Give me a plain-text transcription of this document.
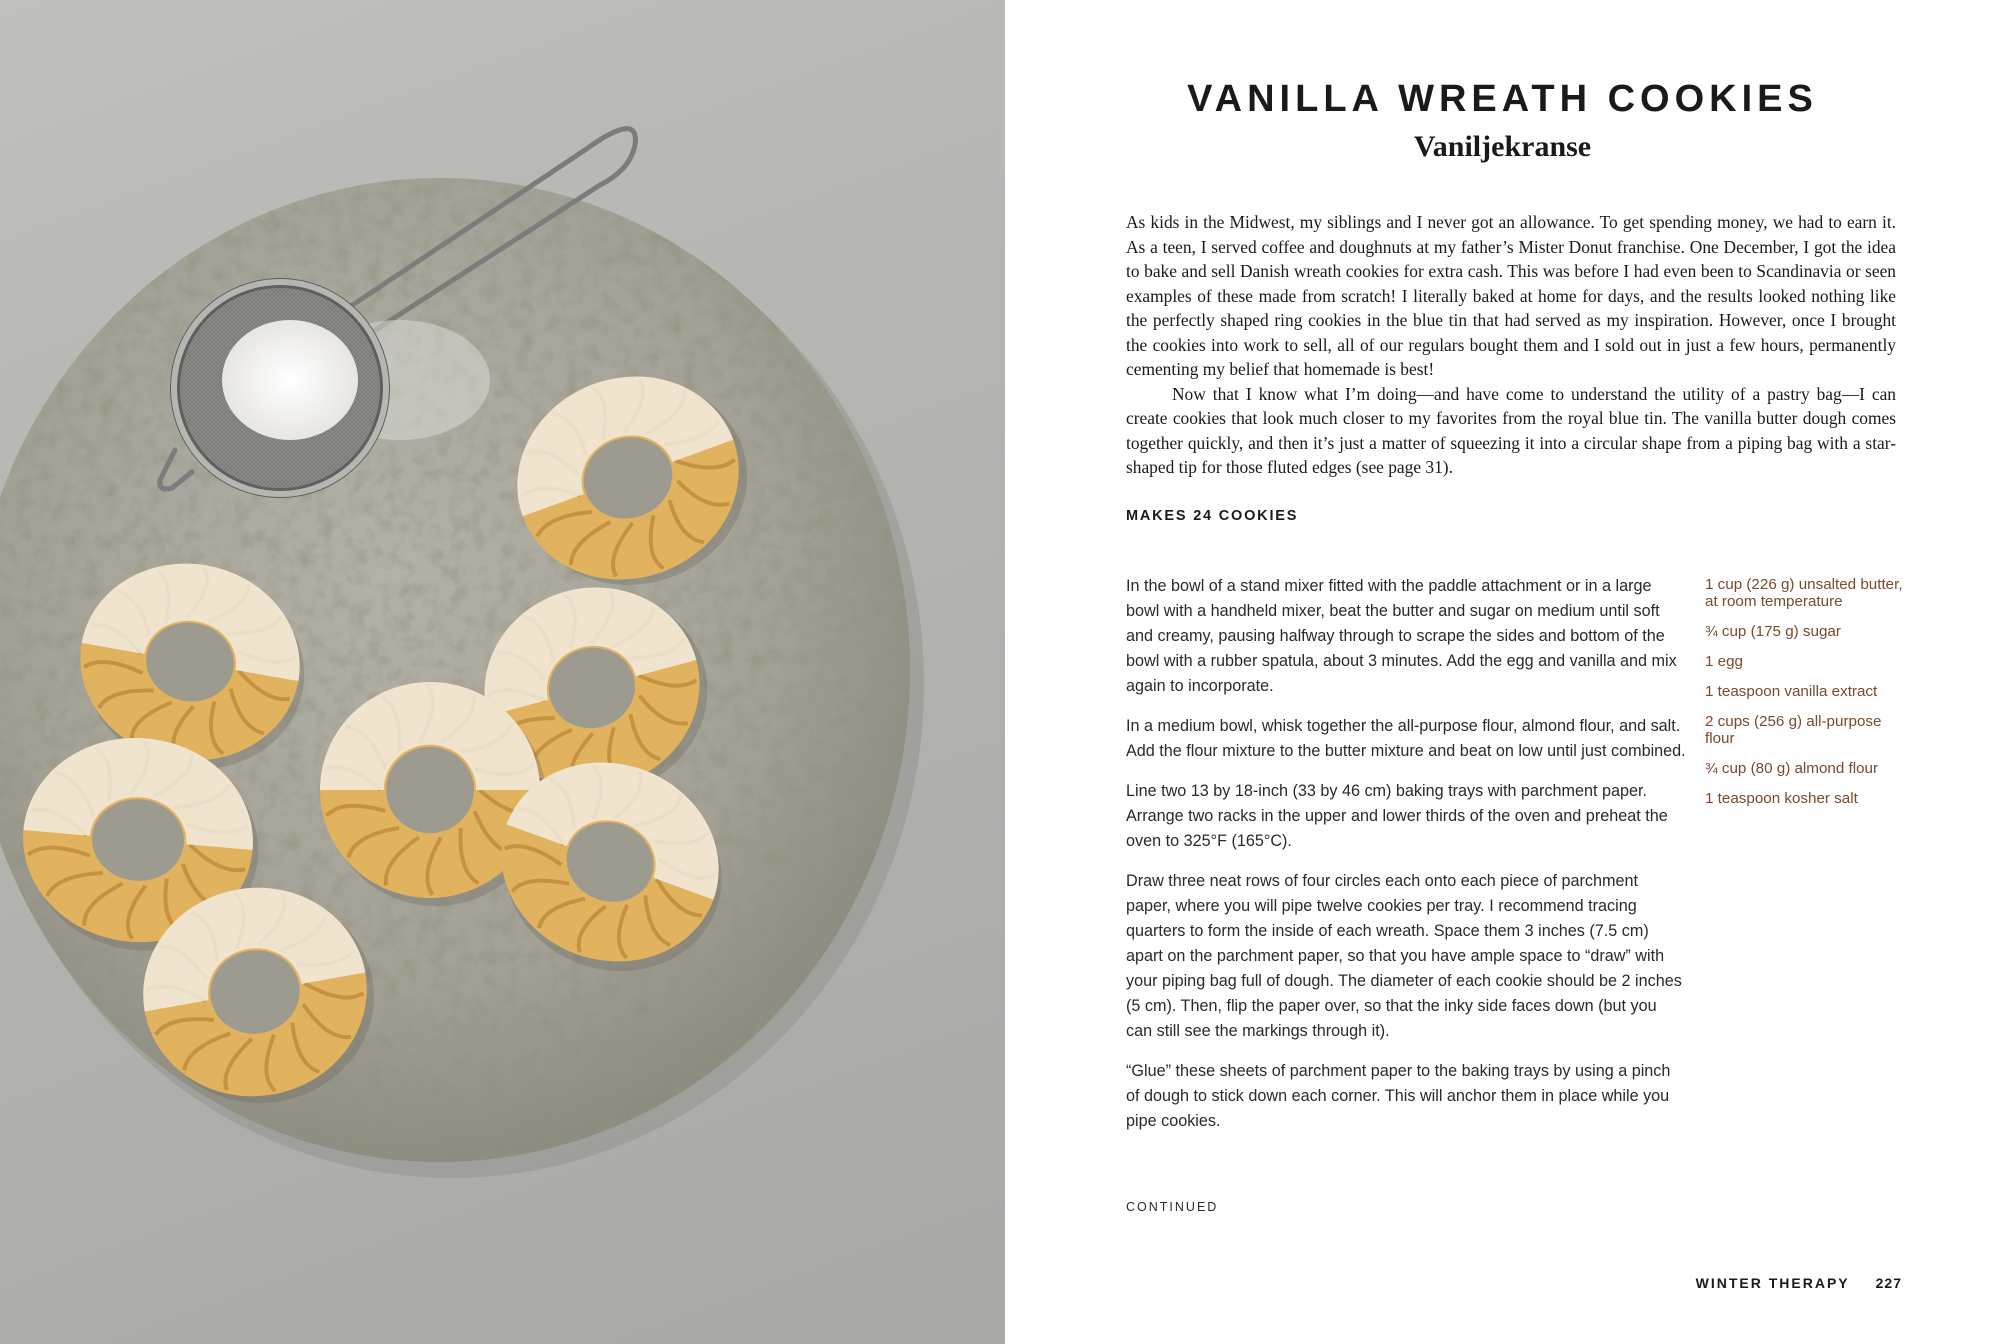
VANILLA WREATH COOKIES
Vaniljekranse

As kids in the Midwest, my siblings and I never got an allowance. To get spending money, we had to earn it. As a teen, I served coffee and doughnuts at my father’s Mister Donut franchise. One December, I got the idea to bake and sell Danish wreath cookies for extra cash. This was before I had even been to Scandinavia or seen examples of these made from scratch! I literally baked at home for days, and the results looked nothing like the perfectly shaped ring cookies in the blue tin that had served as my inspiration. However, once I brought the cookies into work to sell, all of our regulars bought them and I sold out in just a few hours, permanently cementing my belief that homemade is best!

Now that I know what I’m doing—and have come to understand the utility of a pastry bag—I can create cookies that look much closer to my favorites from the royal blue tin. The vanilla butter dough comes together quickly, and then it’s just a matter of squeezing it into a circular shape from a piping bag with a star-shaped tip for those fluted edges (see page 31).

MAKES 24 COOKIES

In the bowl of a stand mixer fitted with the paddle attachment or in a large bowl with a handheld mixer, beat the butter and sugar on medium until soft and creamy, pausing halfway through to scrape the sides and bottom of the bowl with a rubber spatula, about 3 minutes. Add the egg and vanilla and mix again to incorporate.

In a medium bowl, whisk together the all-purpose flour, almond flour, and salt. Add the flour mixture to the butter mixture and beat on low until just combined.

Line two 13 by 18-inch (33 by 46 cm) baking trays with parchment paper. Arrange two racks in the upper and lower thirds of the oven and preheat the oven to 325°F (165°C).

Draw three neat rows of four circles each onto each piece of parchment paper, where you will pipe twelve cookies per tray. I recommend tracing quarters to form the inside of each wreath. Space them 3 inches (7.5 cm) apart on the parchment paper, so that you have ample space to “draw” with your piping bag full of dough. The diameter of each cookie should be 2 inches (5 cm). Then, flip the paper over, so that the inky side faces down (but you can still see the markings through it).

“Glue” these sheets of parchment paper to the baking trays by using a pinch of dough to stick down each corner. This will anchor them in place while you pipe cookies.

1 cup (226 g) unsalted butter, at room temperature
¾ cup (175 g) sugar
1 egg
1 teaspoon vanilla extract
2 cups (256 g) all-purpose flour
¾ cup (80 g) almond flour
1 teaspoon kosher salt
CONTINUED
WINTER THERAPY 227
